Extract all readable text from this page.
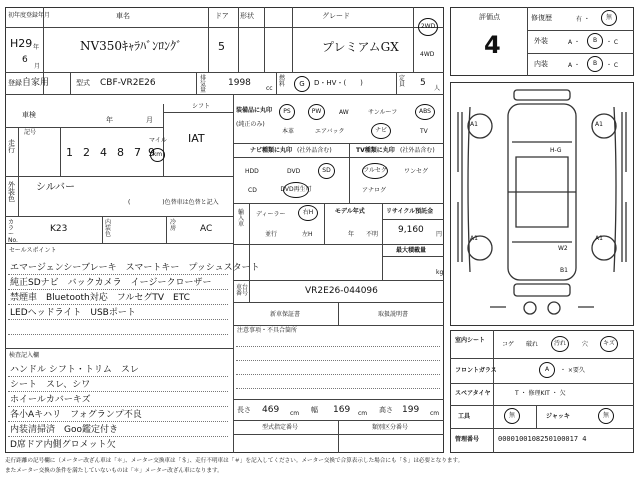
初年度登録年月	車名	ドア 形状	グレード
H29 年
6
月
NV350ｷｬﾗﾊﾞﾝﾛﾝｸﾞ	5	プレミアムGX
2WD
4WD
登録 自家用	型式 CBF-VR2E26	排気量
1998
cc
燃料	G D・HV・(　　)
定員	5
人
車検
年	月
シフト
IAT
走行
記号
1 2 4 8 7 9
マイル
km
外装色
シルバー
( 　　　　　)色替車は色替と記入
カラーNo.
K23
内装色
冷房	AC
セールスポイント
エマージェンシーブレーキ　スマートキー　プッシュスタート
純正SDナビ　バックカメラ　イージークローザー
禁煙車　Bluetooth対応　フルセグTV　ETC
LEDヘッドライト　USBポート
検査記入欄
ハンドル シフト・トリム　スレ
シート　スレ、シワ
ホイールカバーキズ
各小Aキハリ　フォグランプ不良
内装清掃済　Goo鑑定付き
D席ドア内側グロメット欠
装備品に丸印
(純正のみ)
PS	PW	AW	サンルーフ	ABS
本革	エアバック	ナビ	TV
ナビ種類に丸印 (社外品含む)	TV種類に丸印 (社外品含む)
HDD	DVD	SD
CD	DVD再生可
フルセグ	ワンセグ
アナログ
輸入車
ディーラー	右H
並行	左H
モデル年式
年 不明
リサイクル預託金
9,160 円
最大積載量
kg
車台番号	VR2E26-044096
新車保証書	取扱説明書
注意事項・不具合箇所
長さ 469 cm 幅 169 cm 高さ 199 cm
型式指定番号	類別区分番号
評価点
4
修復歴	有 ・	無
外装	A ・ B ・ C
内装	A ・ B ・ C
A1	A1
H-G
A1
W2
A1
B1
室内シート
コゲ 破れ	汚れ	穴	キズ
フロントガラス	A ・ ×要久
スペアタイヤ	T ・ 修理KIT ・ 欠
工具	無	ジャッキ	無
管理番号	0000100108250100017 4
走行距離の記号欄に（メーター改ざん車は「＊」、メーター交換車は「＄」、走行不明車は「＃」を記入してください。メーター交換で合算表示した場合にも「＄」は必要となります。
またメーター交換の条件を満たしていないものは「＊」メーター改ざん車になります。
